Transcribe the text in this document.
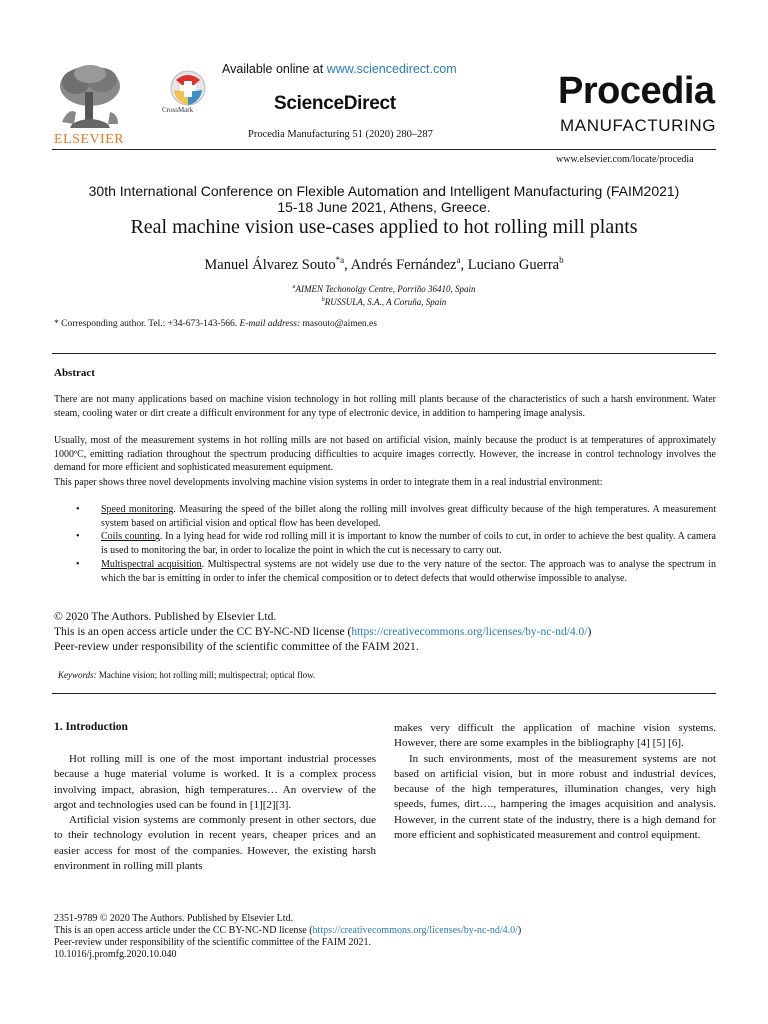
ELSEVIER
CrossMark
Available online at www.sciencedirect.com
ScienceDirect
Procedia Manufacturing 51 (2020) 280–287
Procedia
MANUFACTURING
www.elsevier.com/locate/procedia
30th International Conference on Flexible Automation and Intelligent Manufacturing (FAIM2021)
15-18 June 2021, Athens, Greece.
Real machine vision use-cases applied to hot rolling mill plants
Manuel Álvarez Souto$^{*a}$, Andrés Fernández$^a$, Luciano Guerra$^b$
$^a$AIMEN Techonolgy Centre, Porriño 36410, Spain
$^b$RUSSULA, S.A., A Coruña, Spain
* Corresponding author. Tel.: +34-673-143-566. E-mail address: masouto@aimen.es
Abstract
There are not many applications based on machine vision technology in hot rolling mill plants because of the characteristics of such a harsh environment. Water steam, cooling water or dirt create a difficult environment for any type of electronic device, in addition to hampering image analysis.
Usually, most of the measurement systems in hot rolling mills are not based on artificial vision, mainly because the product is at temperatures of approximately 1000ºC, emitting radiation throughout the spectrum producing difficulties to acquire images correctly. However, the increase in control technology involves the demand for more efficient and sophisticated measurement equipment.
This paper shows three novel developments involving machine vision systems in order to integrate them in a real industrial environment:
• Speed monitoring. Measuring the speed of the billet along the rolling mill involves great difficulty because of the high temperatures. A measurement system based on artificial vision and optical flow has been developed.
• Coils counting. In a lying head for wide rod rolling mill it is important to know the number of coils to cut, in order to achieve the best quality. A camera is used to monitoring the bar, in order to localize the point in which the cut is necessary to carry out.
• Multispectral acquisition. Multispectral systems are not widely use due to the very nature of the sector. The approach was to analyse the spectrum in which the bar is emitting in order to infer the chemical composition or to detect defects that would otherwise impossible to analyse.
© 2020 The Authors. Published by Elsevier Ltd.
This is an open access article under the CC BY-NC-ND license (https://creativecommons.org/licenses/by-nc-nd/4.0/)
Peer-review under responsibility of the scientific committee of the FAIM 2021.
Keywords: Machine vision; hot rolling mill; multispectral; optical flow.
1. Introduction

Hot rolling mill is one of the most important industrial processes because a huge material volume is worked. It is a complex process involving impact, abrasion, high temperatures… An overview of the argot and technologies used can be found in [1][2][3].

Artificial vision systems are commonly present in other sectors, due to their technology evolution in recent years, cheaper prices and an easier access for most of the companies. However, the existing harsh environment in rolling mill plants

makes very difficult the application of machine vision systems. However, there are some examples in the bibliography [4] [5] [6].

In such environments, most of the measurement systems are not based on artificial vision, but in more robust and industrial devices, because of the high temperatures, illumination changes, very high speeds, fumes, dirt…., hampering the images acquisition and analysis. However, in the current state of the industry, there is a high demand for more efficient and sophisticated measurement and control equipment.

2351-9789 © 2020 The Authors. Published by Elsevier Ltd.
This is an open access article under the CC BY-NC-ND license (https://creativecommons.org/licenses/by-nc-nd/4.0/)
Peer-review under responsibility of the scientific committee of the FAIM 2021.
10.1016/j.promfg.2020.10.040
